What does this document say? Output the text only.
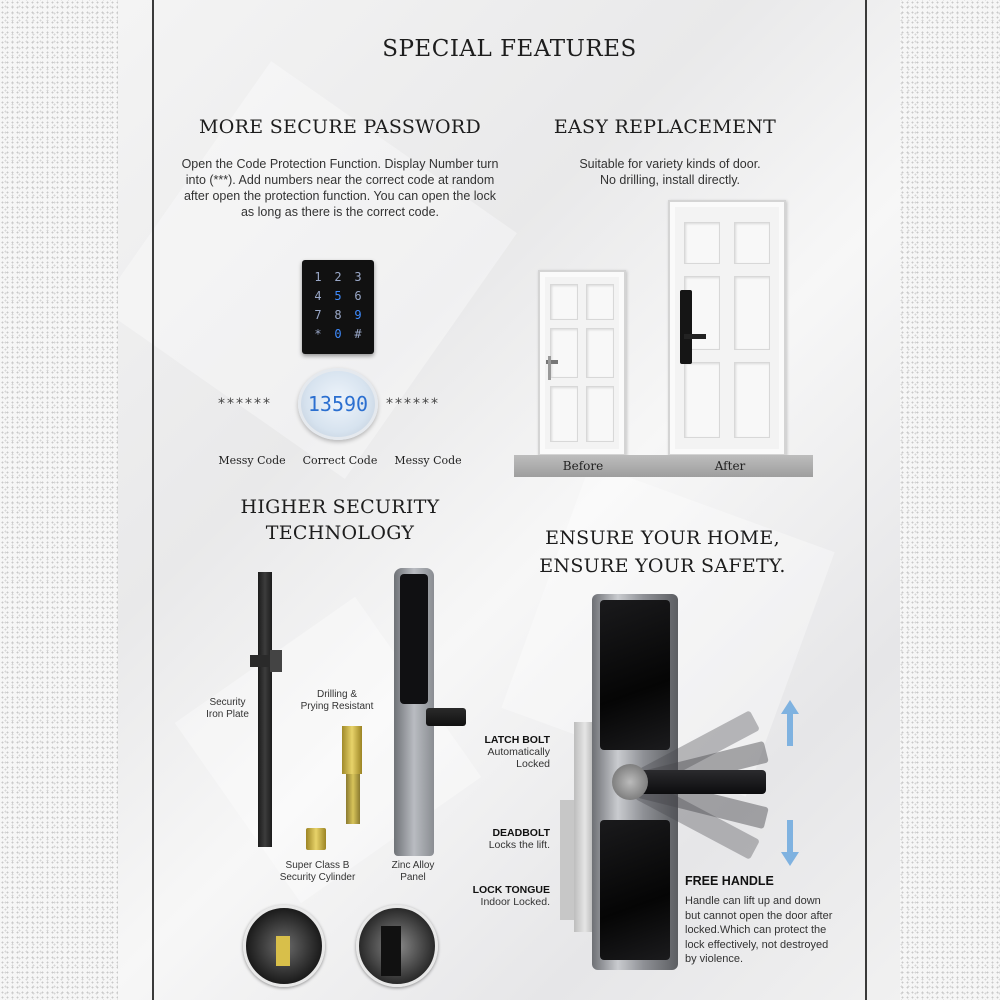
SPECIAL FEATURES
MORE SECURE PASSWORD
Open the Code Protection Function. Display Number turn
into (***). Add numbers near the correct code at random
after open the protection function. You can open the lock
as long as there is the correct code.
1	2	3
4	5	6
7	8	9
*	0	#
******	13590	******
Messy Code	Correct Code	Messy Code
EASY REPLACEMENT
Suitable for variety kinds of door.
No drilling, install directly.
Before	After
HIGHER SECURITY
TECHNOLOGY
Security
Iron Plate
Drilling &
Prying Resistant
Super Class B
Security Cylinder
Zinc Alloy
Panel
ENSURE YOUR HOME,
ENSURE YOUR SAFETY.
LATCH BOLT
Automatically
Locked
DEADBOLT
Locks the lift.
LOCK TONGUE
Indoor Locked.
FREE HANDLE
Handle can lift up and down
but cannot open the door after
locked.Which can protect the
lock effectively, not destroyed
by violence.
